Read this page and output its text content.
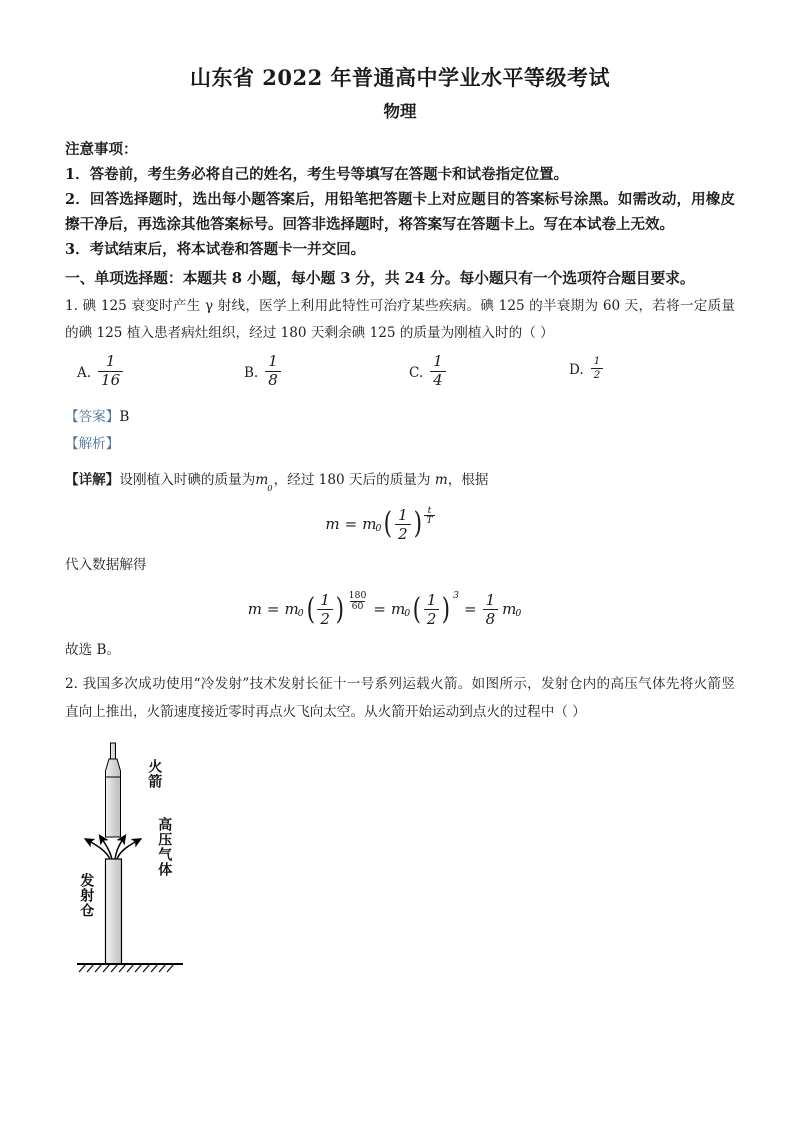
山东省 2022 年普通高中学业水平等级考试
物理

注意事项：

1．答卷前，考生务必将自己的姓名，考生号等填写在答题卡和试卷指定位置。

2．回答选择题时，选出每小题答案后，用铅笔把答题卡上对应题目的答案标号涂黑。如需改动，用橡皮擦干净后，再选涂其他答案标号。回答非选择题时，将答案写在答题卡上。写在本试卷上无效。

3．考试结束后，将本试卷和答题卡一并交回。

一、单项选择题：本题共 8 小题，每小题 3 分，共 24 分。每小题只有一个选项符合题目要求。

1. 碘 125 衰变时产生 γ 射线，医学上利用此特性可治疗某些疾病。碘 125 的半衰期为 60 天，若将一定质量的碘 125 植入患者病灶组织，经过 180 天剩余碘 125 的质量为刚植入时的（ ）

A. $\frac{1}{16}$	B. $\frac{1}{8}$	C. $\frac{1}{4}$	D. $\frac{1}{2}$

【答案】B

【解析】

【详解】设刚植入时碘的质量为$m_0$，经过 180 天后的质量为 m，根据

m = m 0 ( $\frac{1}{2}$ ) $\frac{t}{T}$

代入数据解得

m = m 0 ( $\frac{1}{2}$ ) $\frac{180}{60} = m$ 0 ( $\frac{1}{2}$ ) 3
= $\frac{1}{8}$ m 0

故选 B。

2. 我国多次成功使用“冷发射”技术发射长征十一号系列运载火箭。如图所示，发射仓内的高压气体先将火箭竖直向上推出，火箭速度接近零时再点火飞向太空。从火箭开始运动到点火的过程中（ ）

火箭
高压气体
发射仓
